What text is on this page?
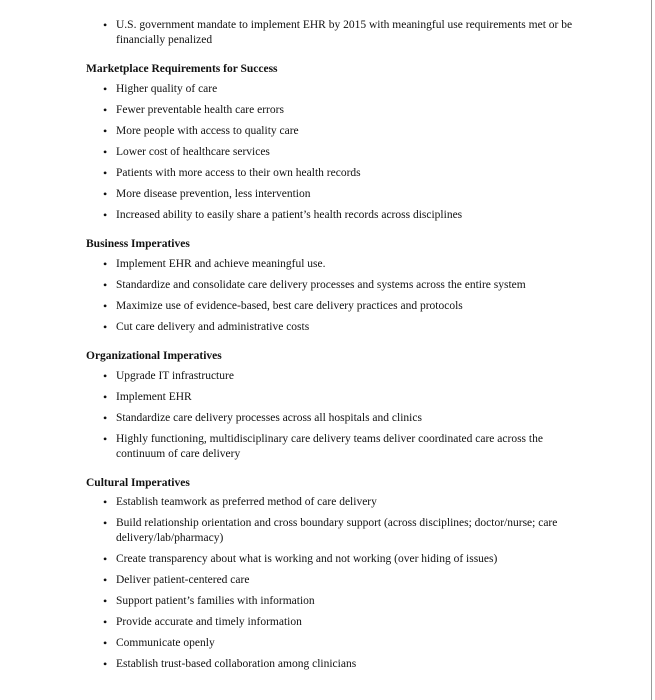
• U.S. government mandate to implement EHR by 2015 with meaningful use requirements met or be financially penalized
Marketplace Requirements for Success
• Higher quality of care
• Fewer preventable health care errors
• More people with access to quality care
• Lower cost of healthcare services
• Patients with more access to their own health records
• More disease prevention, less intervention
• Increased ability to easily share a patient’s health records across disciplines
Business Imperatives
• Implement EHR and achieve meaningful use.
• Standardize and consolidate care delivery processes and systems across the entire system
• Maximize use of evidence-based, best care delivery practices and protocols
• Cut care delivery and administrative costs
Organizational Imperatives
• Upgrade IT infrastructure
• Implement EHR
• Standardize care delivery processes across all hospitals and clinics
• Highly functioning, multidisciplinary care delivery teams deliver coordinated care across the continuum of care delivery
Cultural Imperatives
• Establish teamwork as preferred method of care delivery
• Build relationship orientation and cross boundary support (across disciplines; doctor/nurse; care delivery/lab/pharmacy)
• Create transparency about what is working and not working (over hiding of issues)
• Deliver patient-centered care
• Support patient’s families with information
• Provide accurate and timely information
• Communicate openly
• Establish trust-based collaboration among clinicians
